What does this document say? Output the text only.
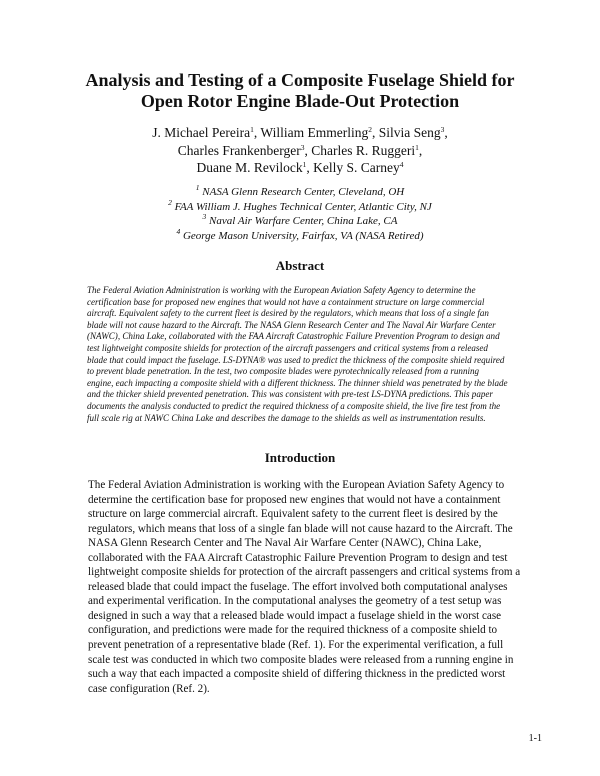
Analysis and Testing of a Composite Fuselage Shield for
Open Rotor Engine Blade-Out Protection
J. Michael Pereira$^1$, William Emmerling$^2$, Silvia Seng$^3$,
Charles Frankenberger$^3$, Charles R. Ruggeri$^1$,
Duane M. Revilock$^1$, Kelly S. Carney$^4$
$^1$ NASA Glenn Research Center, Cleveland, OH
$^2$ FAA William J. Hughes Technical Center, Atlantic City, NJ
$^3$ Naval Air Warfare Center, China Lake, CA
$^4$ George Mason University, Fairfax, VA (NASA Retired)
Abstract
The Federal Aviation Administration is working with the European Aviation Safety Agency to determine the
certification base for proposed new engines that would not have a containment structure on large commercial
aircraft. Equivalent safety to the current fleet is desired by the regulators, which means that loss of a single fan
blade will not cause hazard to the Aircraft. The NASA Glenn Research Center and The Naval Air Warfare Center
(NAWC), China Lake, collaborated with the FAA Aircraft Catastrophic Failure Prevention Program to design and
test lightweight composite shields for protection of the aircraft passengers and critical systems from a released
blade that could impact the fuselage. LS-DYNA® was used to predict the thickness of the composite shield required
to prevent blade penetration. In the test, two composite blades were pyrotechnically released from a running
engine, each impacting a composite shield with a different thickness. The thinner shield was penetrated by the blade
and the thicker shield prevented penetration. This was consistent with pre-test LS-DYNA predictions. This paper
documents the analysis conducted to predict the required thickness of a composite shield, the live fire test from the
full scale rig at NAWC China Lake and describes the damage to the shields as well as instrumentation results.
Introduction
The Federal Aviation Administration is working with the European Aviation Safety Agency to
determine the certification base for proposed new engines that would not have a containment
structure on large commercial aircraft. Equivalent safety to the current fleet is desired by the
regulators, which means that loss of a single fan blade will not cause hazard to the Aircraft. The
NASA Glenn Research Center and The Naval Air Warfare Center (NAWC), China Lake,
collaborated with the FAA Aircraft Catastrophic Failure Prevention Program to design and test
lightweight composite shields for protection of the aircraft passengers and critical systems from a
released blade that could impact the fuselage. The effort involved both computational analyses
and experimental verification. In the computational analyses the geometry of a test setup was
designed in such a way that a released blade would impact a fuselage shield in the worst case
configuration, and predictions were made for the required thickness of a composite shield to
prevent penetration of a representative blade (Ref. 1). For the experimental verification, a full
scale test was conducted in which two composite blades were released from a running engine in
such a way that each impacted a composite shield of differing thickness in the predicted worst
case configuration (Ref. 2).
1-1
